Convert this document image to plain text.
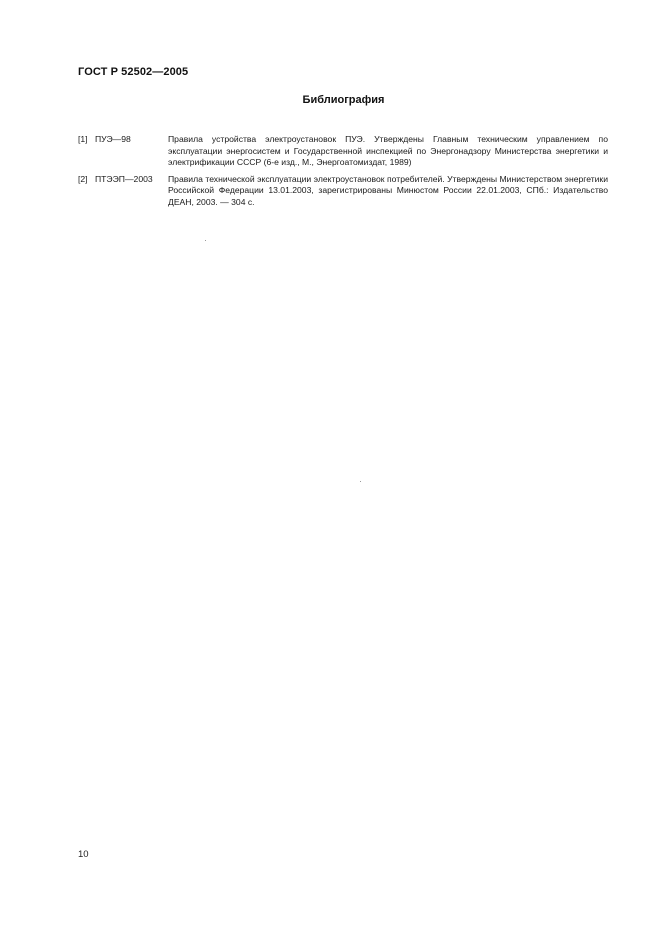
ГОСТ Р 52502—2005
Библиография
[1] ПУЭ—98	Правила устройства электроустановок ПУЭ. Утверждены Главным техническим управлением по эксплуатации энергосистем и Государственной инспекцией по Энергонадзору Министерства энергетики и электрификации СССР (6-е изд., М., Энергоатомиздат, 1989)
[2] ПТЭЭП—2003 Правила технической эксплуатации электроустановок потребителей. Утверждены Министерством энергетики Российской Федерации 13.01.2003, зарегистрированы Минюстом России 22.01.2003, СПб.: Издательство ДЕАН, 2003. — 304 с.
10
